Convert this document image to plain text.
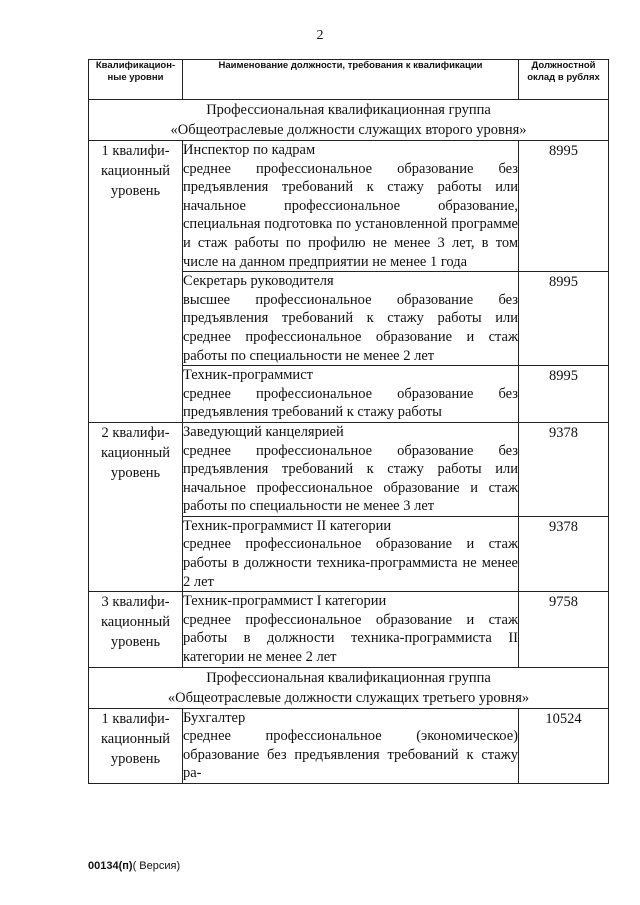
2
Квалификацион-ные уровни	Наименование должности, требования к квалификации	Должностной оклад в рублях

Профессиональная квалификационная группа
«Общеотраслевые должности служащих второго уровня»		

1 квалифи-кационный уровень	Инспектор по кадрам
среднее профессиональное образование без предъявления требований к стажу работы или начальное профессиональное образование, специальная подготовка по установленной программе и стаж работы по профилю не менее 3 лет, в том числе на данном предприятии не менее 1 года	8995

	Секретарь руководителя
высшее профессиональное образование без предъявления требований к стажу работы или среднее профессиональное образование и стаж работы по специальности не менее 2 лет	8995

	Техник-программист
среднее профессиональное образование без предъявления требований к стажу работы	8995
2 квалифи-кационный уровень	Заведующий канцелярией
среднее профессиональное образование без предъявления требований к стажу работы или начальное профессиональное образование и стаж работы по специальности не менее 3 лет	9378

	Техник-программист II категории
среднее профессиональное образование и стаж работы в должности техника-программиста не менее 2 лет	9378
3 квалифи-кационный уровень	Техник-программист I категории
среднее профессиональное образование и стаж работы в должности техника-программиста II категории не менее 2 лет	9758

Профессиональная квалификационная группа
«Общеотраслевые должности служащих третьего уровня»		

1 квалифи-кационный уровень	Бухгалтер
среднее профессиональное (экономическое) образование без предъявления требований к стажу ра-	10524
00134(п)( Версия)
